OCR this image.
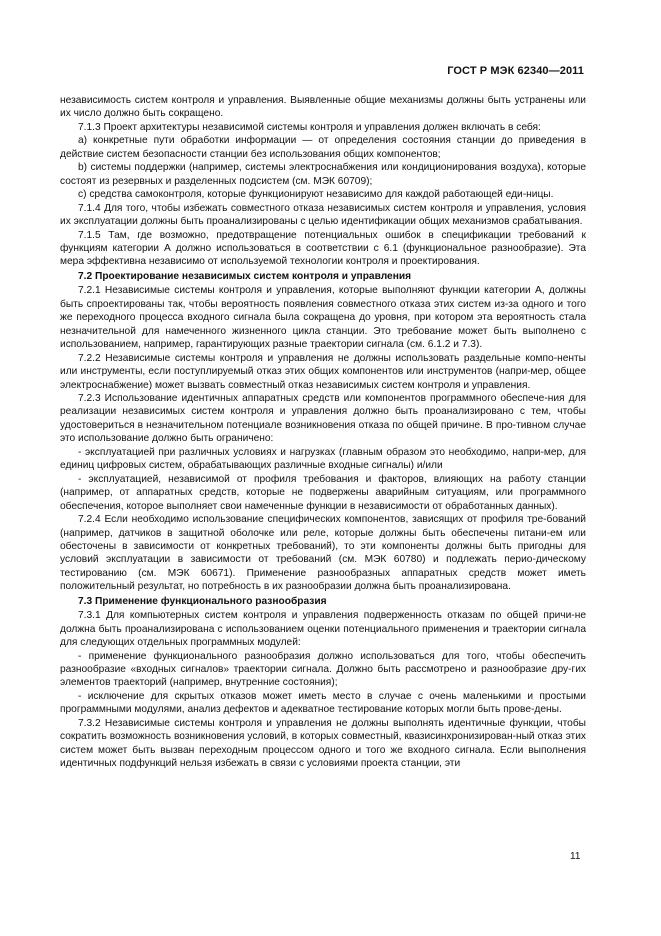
ГОСТ Р МЭК 62340—2011

независимость систем контроля и управления. Выявленные общие механизмы должны быть устранены или их число должно быть сокращено.

7.1.3 Проект архитектуры независимой системы контроля и управления должен включать в себя:

a) конкретные пути обработки информации — от определения состояния станции до приведения в действие систем безопасности станции без использования общих компонентов;

b) системы поддержки (например, системы электроснабжения или кондиционирования воздуха), которые состоят из резервных и разделенных подсистем (см. МЭК 60709);

c) средства самоконтроля, которые функционируют независимо для каждой работающей еди-ницы.

7.1.4 Для того, чтобы избежать совместного отказа независимых систем контроля и управления, условия их эксплуатации должны быть проанализированы с целью идентификации общих механизмов срабатывания.

7.1.5 Там, где возможно, предотвращение потенциальных ошибок в спецификации требований к функциям категории А должно использоваться в соответствии с 6.1 (функциональное разнообразие). Эта мера эффективна независимо от используемой технологии контроля и проектирования.

7.2 Проектирование независимых систем контроля и управления

7.2.1 Независимые системы контроля и управления, которые выполняют функции категории А, должны быть спроектированы так, чтобы вероятность появления совместного отказа этих систем из-за одного и того же переходного процесса входного сигнала была сокращена до уровня, при котором эта вероятность стала незначительной для намеченного жизненного цикла станции. Это требование может быть выполнено с использованием, например, гарантирующих разные траектории сигнала (см. 6.1.2 и 7.3).

7.2.2 Независимые системы контроля и управления не должны использовать раздельные компо-ненты или инструменты, если поступлируемый отказ этих общих компонентов или инструментов (напри-мер, общее электроснабжение) может вызвать совместный отказ независимых систем контроля и управления.

7.2.3 Использование идентичных аппаратных средств или компонентов программного обеспече-ния для реализации независимых систем контроля и управления должно быть проанализировано с тем, чтобы удостовериться в незначительном потенциале возникновения отказа по общей причине. В про-тивном случае это использование должно быть ограничено:

- эксплуатацией при различных условиях и нагрузках (главным образом это необходимо, напри-мер, для единиц цифровых систем, обрабатывающих различные входные сигналы) и/или

- эксплуатацией, независимой от профиля требования и факторов, влияющих на работу станции (например, от аппаратных средств, которые не подвержены аварийным ситуациям, или программного обеспечения, которое выполняет свои намеченные функции в независимости от обработанных данных).

7.2.4 Если необходимо использование специфических компонентов, зависящих от профиля тре-бований (например, датчиков в защитной оболочке или реле, которые должны быть обеспечены питани-ем или обесточены в зависимости от конкретных требований), то эти компоненты должны быть пригодны для условий эксплуатации в зависимости от требований (см. МЭК 60780) и подлежать перио-дическому тестированию (см. МЭК 60671). Применение разнообразных аппаратных средств может иметь положительный результат, но потребность в их разнообразии должна быть проанализирована.

7.3 Применение функционального разнообразия

7.3.1 Для компьютерных систем контроля и управления подверженность отказам по общей причи-не должна быть проанализирована с использованием оценки потенциального применения и траектории сигнала для следующих отдельных программных модулей:

- применение функционального разнообразия должно использоваться для того, чтобы обеспечить разнообразие «входных сигналов» траектории сигнала. Должно быть рассмотрено и разнообразие дру-гих элементов траекторий (например, внутренние состояния);

- исключение для скрытых отказов может иметь место в случае с очень маленькими и простыми программными модулями, анализ дефектов и адекватное тестирование которых могли быть прове-дены.

7.3.2 Независимые системы контроля и управления не должны выполнять идентичные функции, чтобы сократить возможность возникновения условий, в которых совместный, квазисинхронизирован-ный отказ этих систем может быть вызван переходным процессом одного и того же входного сигнала. Если выполнения идентичных подфункций нельзя избежать в связи с условиями проекта станции, эти

11
